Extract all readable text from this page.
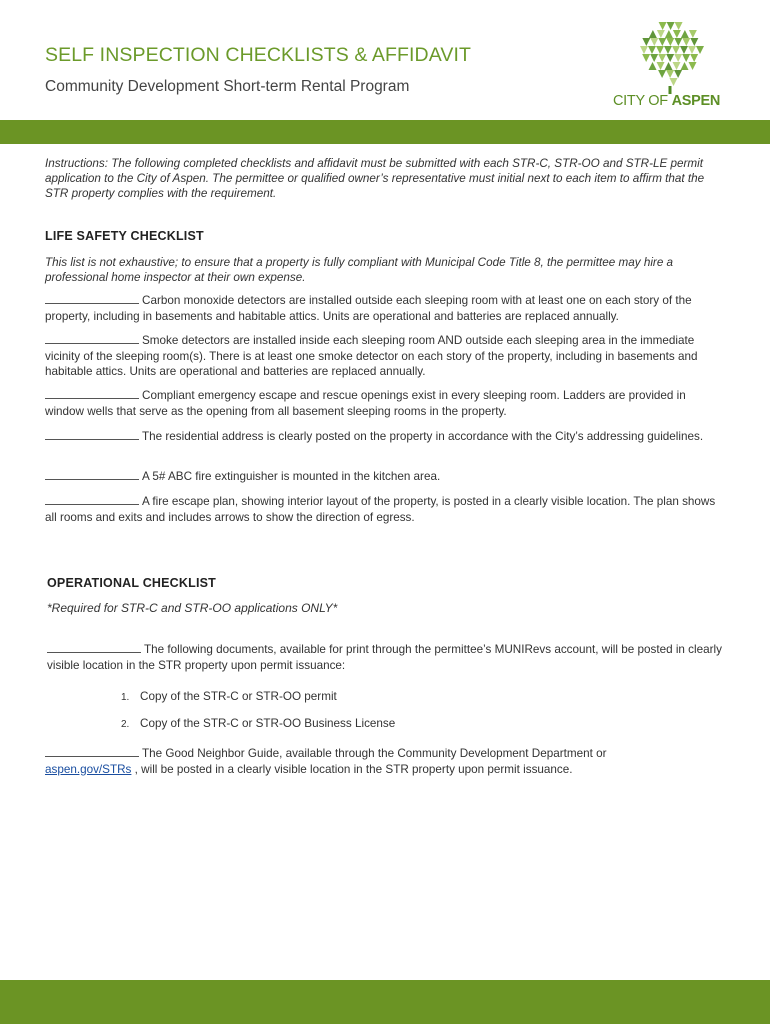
SELF INSPECTION CHECKLISTS & AFFIDAVIT
Community Development Short-term Rental Program
CITY OF ASPEN
Instructions: The following completed checklists and affidavit must be submitted with each STR-C, STR-OO and STR-LE permit application to the City of Aspen. The permittee or qualified owner’s representative must initial next to each item to affirm that the STR property complies with the requirement.
LIFE SAFETY CHECKLIST
This list is not exhaustive; to ensure that a property is fully compliant with Municipal Code Title 8, the permittee may hire a professional home inspector at their own expense.
Carbon monoxide detectors are installed outside each sleeping room with at least one on each story of the property, including in basements and habitable attics. Units are operational and batteries are replaced annually.
Smoke detectors are installed inside each sleeping room AND outside each sleeping area in the immediate vicinity of the sleeping room(s). There is at least one smoke detector on each story of the property, including in basements and habitable attics. Units are operational and batteries are replaced annually.
Compliant emergency escape and rescue openings exist in every sleeping room. Ladders are provided in window wells that serve as the opening from all basement sleeping rooms in the property.
The residential address is clearly posted on the property in accordance with the City’s addressing guidelines.
A 5# ABC fire extinguisher is mounted in the kitchen area.
A fire escape plan, showing interior layout of the property, is posted in a clearly visible location. The plan shows all rooms and exits and includes arrows to show the direction of egress.
OPERATIONAL CHECKLIST
*Required for STR-C and STR-OO applications ONLY*
The following documents, available for print through the permittee’s MUNIRevs account, will be posted in clearly visible location in the STR property upon permit issuance:
1. Copy of the STR-C or STR-OO permit
2. Copy of the STR-C or STR-OO Business License
The Good Neighbor Guide, available through the Community Development Department or
aspen.gov/STRs , will be posted in a clearly visible location in the STR property upon permit issuance.
